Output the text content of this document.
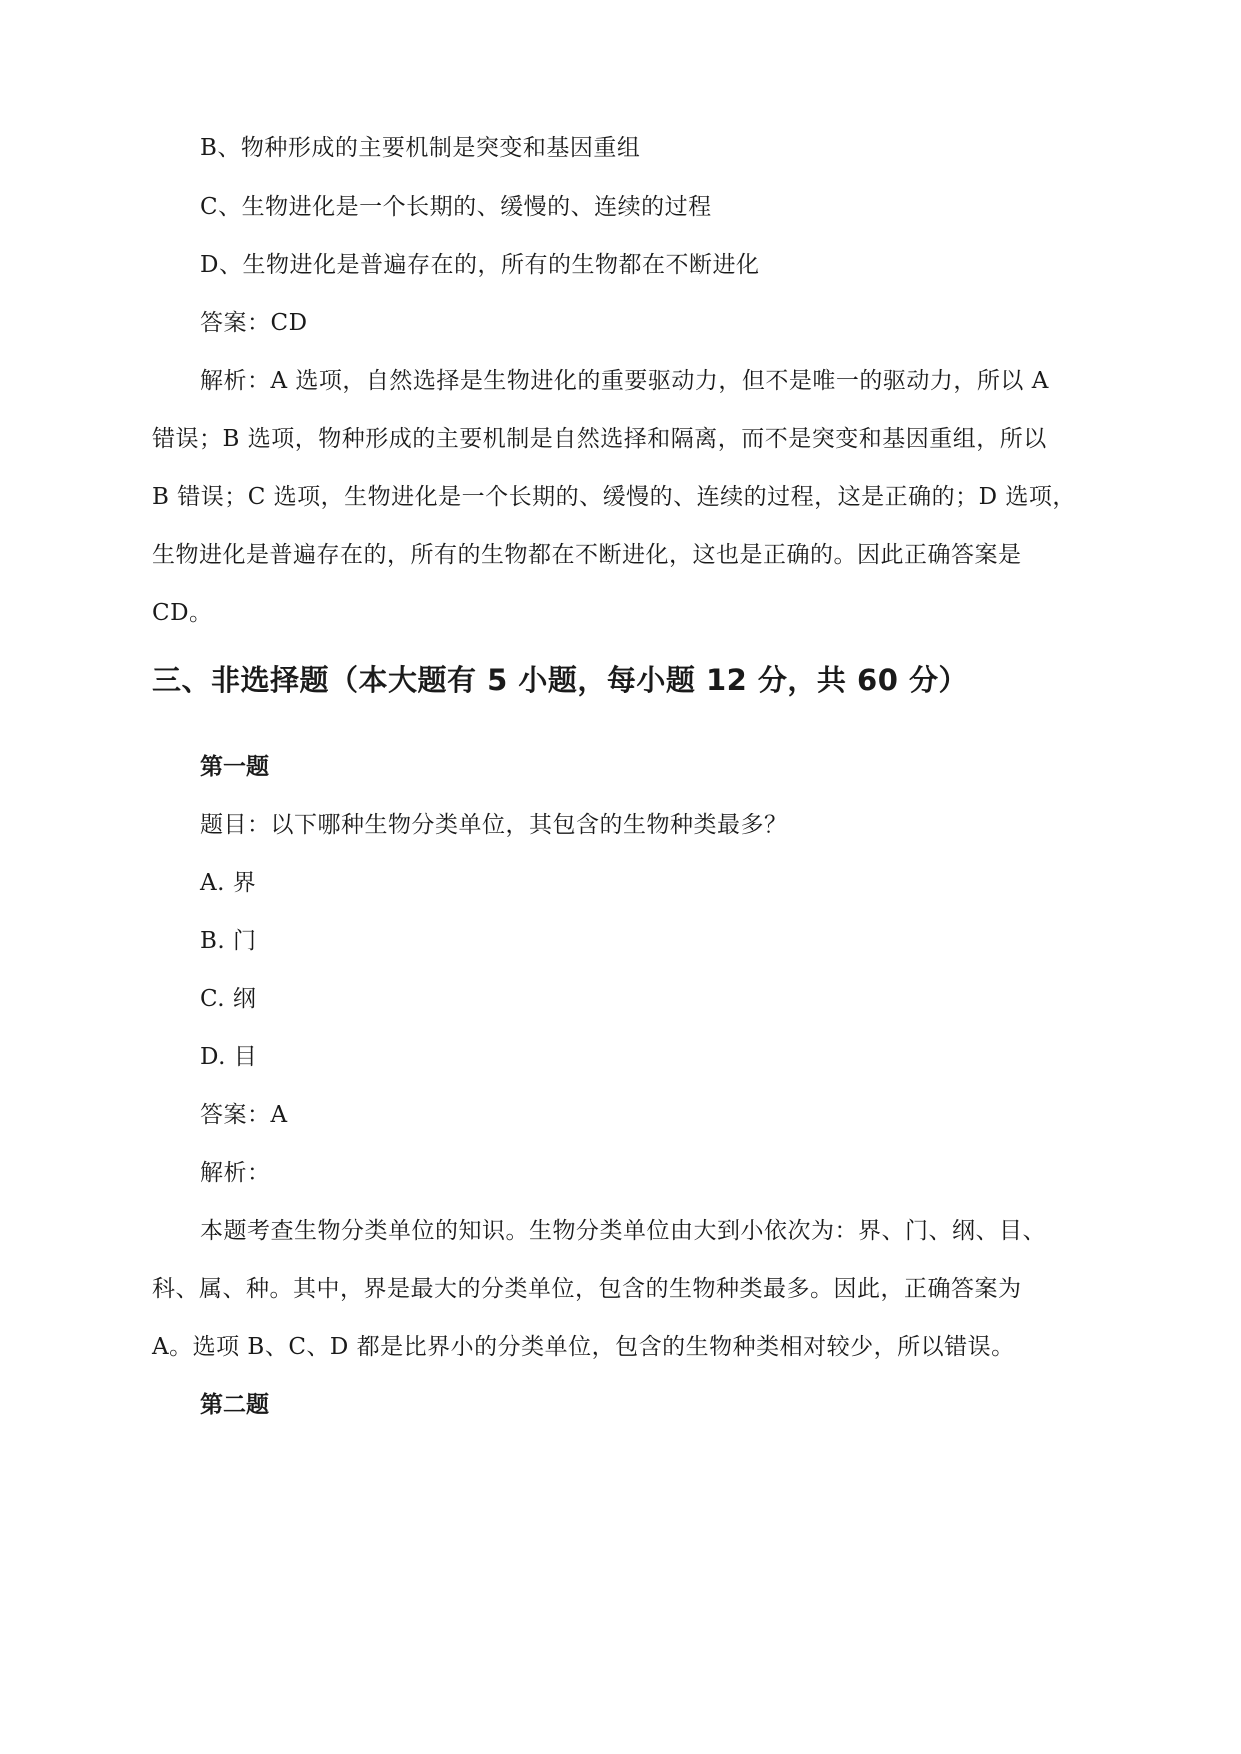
B、物种形成的主要机制是突变和基因重组
C、生物进化是一个长期的、缓慢的、连续的过程
D、生物进化是普遍存在的，所有的生物都在不断进化
答案：CD
解析：A 选项，自然选择是生物进化的重要驱动力，但不是唯一的驱动力，所以 A
错误；B 选项，物种形成的主要机制是自然选择和隔离，而不是突变和基因重组，所以
B 错误；C 选项，生物进化是一个长期的、缓慢的、连续的过程，这是正确的；D 选项，
生物进化是普遍存在的，所有的生物都在不断进化，这也是正确的。因此正确答案是
CD。
三、非选择题（本大题有 5 小题，每小题 12 分，共 60 分）
第一题
题目：以下哪种生物分类单位，其包含的生物种类最多？
A. 界
B. 门
C. 纲
D. 目
答案：A
解析：
本题考查生物分类单位的知识。生物分类单位由大到小依次为：界、门、纲、目、
科、属、种。其中，界是最大的分类单位，包含的生物种类最多。因此，正确答案为
A。选项 B、C、D 都是比界小的分类单位，包含的生物种类相对较少，所以错误。
第二题
